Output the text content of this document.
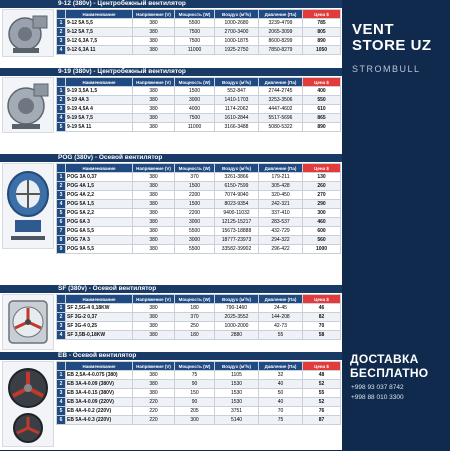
9-12 (380v) - Центробежный вентилятор
	Наименование	Напряжение (V)	Мощность (W)	Воздух (м³/ч)	Давление (Па)	Цена $
1	9-12 5A 5,5	380	5500	1000-2680	3239-4799	785
2	9-12 5A 7,5	380	7500	2700-3400	2065-3099	805
3	9-12 6,3A 7,5	380	7500	1000-1875	8600-8299	890
4	9-12 6,3A 11	380	11000	1925-2750	7850-8279	1050
9-19 (380v) - Центробежный вентилятор
	Наименование	Напряжение (V)	Мощность (W)	Воздух (м³/ч)	Давление (Па)	Цена $
1	9-19 3,5A 1,5	380	1500	552-847	2744-2745	400
2	9-19 4A 3	380	3000	1410-1703	3253-3506	550
3	9-19 4,5A 4	380	4000	1174-2062	4447-4602	610
4	9-19 5A 7,5	380	7500	1610-2844	5517-5696	865
5	9-19 5A 11	380	11000	3166-3488	5080-5322	890
POG (380v) - Осевой вентилятор
	Наименование	Напряжение (V)	Мощность (W)	Воздух (м³/ч)	Давление (Па)	Цена $
1	POG 3A 0,37	380	370	3261-3866	179-211	130
2	POG 4A 1,5	380	1500	6150-7599	305-428	260
3	POG 4A 2,2	380	2200	7074-9040	320-450	270
4	POG 5A 1,5	380	1500	8023-9354	242-321	290
5	POG 5A 2,2	380	2200	9400-11032	337-410	300
6	POG 6A 3	380	3000	12125-15217	283-537	460
7	POG 6A 5,5	380	5500	15673-18888	432-729	600
8	POG 7A 3	380	3000	18777-23973	294-322	560
9	POG 9A 5,5	380	5500	33582-39902	296-422	1000
SF (380v) - Осевой вентилятор
	Наименование	Напряжение (V)	Мощность (W)	Воздух (м³/ч)	Давление (Па)	Цена $
1	SF 2,5G-4 0,18KW	380	180	790-1460	24-45	46
2	SF 3G-2 0,37	380	370	2025-3552	144-208	82
3	SF 3G-4 0,25	380	250	1000-2000	42-73	70
4	SF 3,5B-0,18KW	380	180	2880	55	58
EB - Осевой вентилятор
	Наименование	Напряжение (V)	Мощность (W)	Воздух (м³/ч)	Давление (Па)	Цена $
1	EB 2,5A-4-0.075 (380)	380	75	1105	32	48
2	EB 3A-4-0.09 (380V)	380	90	1530	40	52
3	EB 3A-4-0.15 (380V)	380	150	1530	50	55
4	EB 3A-4-0.09 (220V)	220	90	1530	40	52
5	EB 4A-4-0.2 (220V)	220	205	3751	70	76
6	EB 5A-4-0.3 (220V)	220	300	5140	75	87
VENT
STORE UZ
STROMBULL
ДОСТАВКА
БЕСПЛАТНО
+998 93 037 8742
+998 88 010 3300
